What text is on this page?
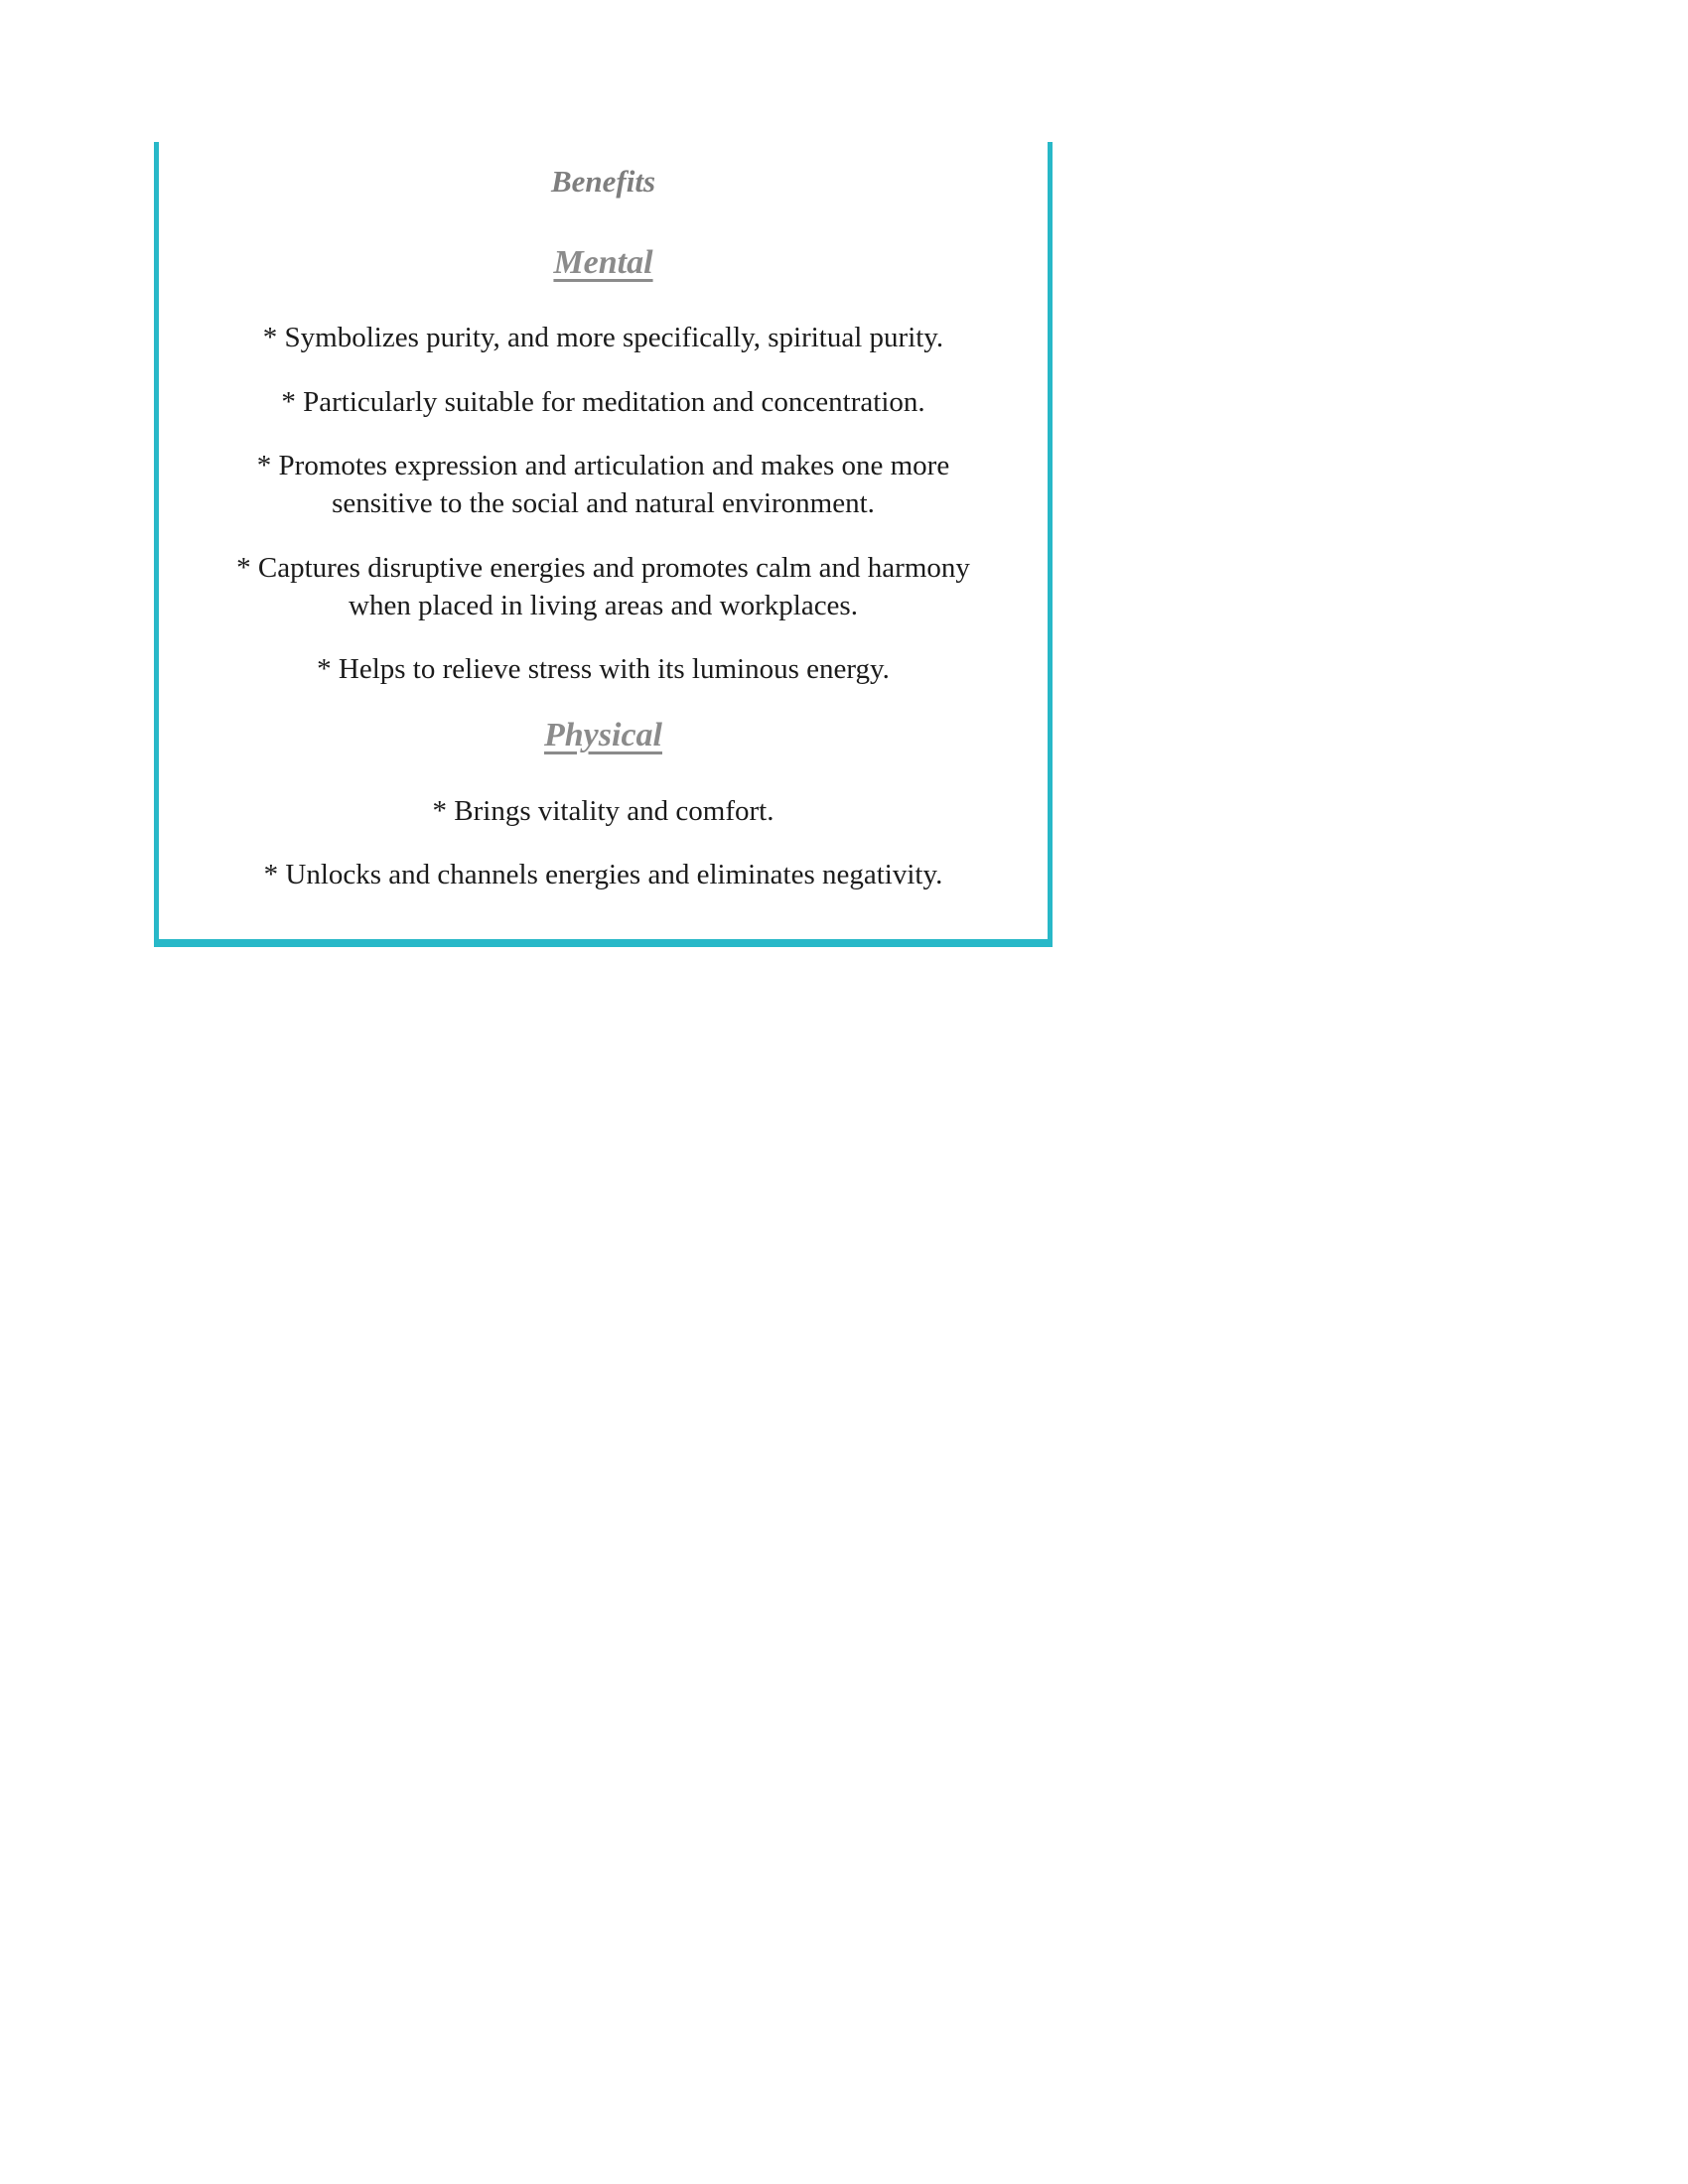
Benefits
Mental

* Symbolizes purity, and more specifically, spiritual purity.

* Particularly suitable for meditation and concentration.

* Promotes expression and articulation and makes one more sensitive to the social and natural environment.

* Captures disruptive energies and promotes calm and harmony when placed in living areas and workplaces.

* Helps to relieve stress with its luminous energy.

Physical

* Brings vitality and comfort.

* Unlocks and channels energies and eliminates negativity.
